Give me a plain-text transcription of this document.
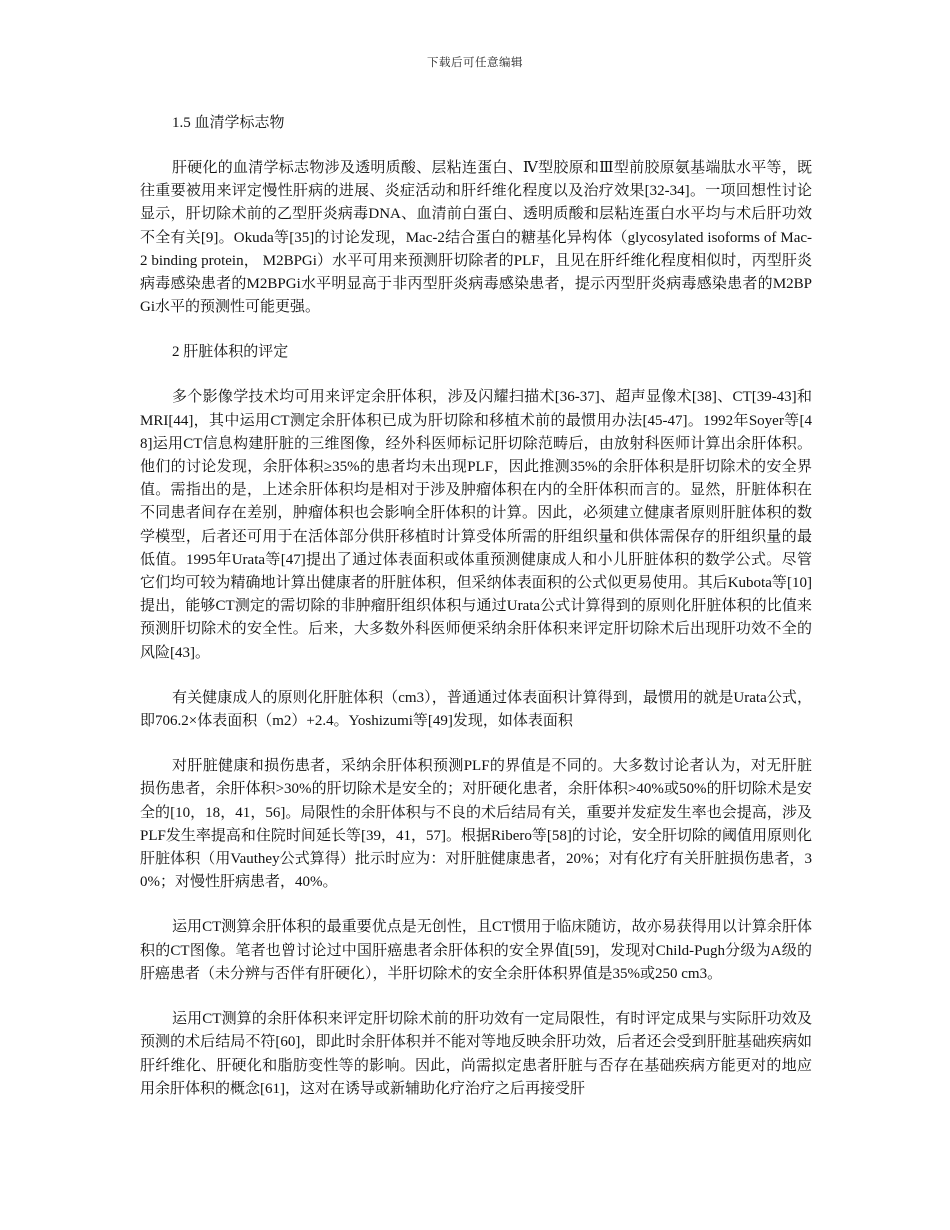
下载后可任意编辑
1.5 血清学标志物

肝硬化的血清学标志物涉及透明质酸、层粘连蛋白、Ⅳ型胶原和Ⅲ型前胶原氨基端肽水平等，既往重要被用来评定慢性肝病的进展、炎症活动和肝纤维化程度以及治疗效果[32-34]。一项回想性讨论显示，肝切除术前的乙型肝炎病毒DNA、血清前白蛋白、透明质酸和层粘连蛋白水平均与术后肝功效不全有关[9]。Okuda等[35]的讨论发现，Mac-2结合蛋白的糖基化异构体（glycosylated isoforms of Mac-2 binding protein， M2BPGi）水平可用来预测肝切除者的PLF，且见在肝纤维化程度相似时，丙型肝炎病毒感染患者的M2BPGi水平明显高于非丙型肝炎病毒感染患者，提示丙型肝炎病毒感染患者的M2BPGi水平的预测性可能更强。

2 肝脏体积的评定

多个影像学技术均可用来评定余肝体积，涉及闪耀扫描术[36-37]、超声显像术[38]、CT[39-43]和MRI[44]，其中运用CT测定余肝体积已成为肝切除和移植术前的最惯用办法[45-47]。1992年Soyer等[48]运用CT信息构建肝脏的三维图像，经外科医师标记肝切除范畴后，由放射科医师计算出余肝体积。他们的讨论发现，余肝体积≥35%的患者均未出现PLF，因此推测35%的余肝体积是肝切除术的安全界值。需指出的是，上述余肝体积均是相对于涉及肿瘤体积在内的全肝体积而言的。显然，肝脏体积在不同患者间存在差别，肿瘤体积也会影响全肝体积的计算。因此，必须建立健康者原则肝脏体积的数学模型，后者还可用于在活体部分供肝移植时计算受体所需的肝组织量和供体需保存的肝组织量的最低值。1995年Urata等[47]提出了通过体表面积或体重预测健康成人和小儿肝脏体积的数学公式。尽管它们均可较为精确地计算出健康者的肝脏体积，但采纳体表面积的公式似更易使用。其后Kubota等[10]提出，能够CT测定的需切除的非肿瘤肝组织体积与通过Urata公式计算得到的原则化肝脏体积的比值来预测肝切除术的安全性。后来，大多数外科医师便采纳余肝体积来评定肝切除术后出现肝功效不全的风险[43]。

有关健康成人的原则化肝脏体积（cm3），普通通过体表面积计算得到，最惯用的就是Urata公式，即706.2×体表面积（m2）+2.4。Yoshizumi等[49]发现，如体表面积

对肝脏健康和损伤患者，采纳余肝体积预测PLF的界值是不同的。大多数讨论者认为，对无肝脏损伤患者，余肝体积>30%的肝切除术是安全的；对肝硬化患者，余肝体积>40%或50%的肝切除术是安全的[10，18，41，56]。局限性的余肝体积与不良的术后结局有关，重要并发症发生率也会提高，涉及PLF发生率提高和住院时间延长等[39，41，57]。根据Ribero等[58]的讨论，安全肝切除的阈值用原则化肝脏体积（用Vauthey公式算得）批示时应为：对肝脏健康患者，20%；对有化疗有关肝脏损伤患者，30%；对慢性肝病患者，40%。

运用CT测算余肝体积的最重要优点是无创性，且CT惯用于临床随访，故亦易获得用以计算余肝体积的CT图像。笔者也曾讨论过中国肝癌患者余肝体积的安全界值[59]，发现对Child-Pugh分级为A级的肝癌患者（未分辨与否伴有肝硬化），半肝切除术的安全余肝体积界值是35%或250 cm3。

运用CT测算的余肝体积来评定肝切除术前的肝功效有一定局限性，有时评定成果与实际肝功效及预测的术后结局不符[60]，即此时余肝体积并不能对等地反映余肝功效，后者还会受到肝脏基础疾病如肝纤维化、肝硬化和脂肪变性等的影响。因此，尚需拟定患者肝脏与否存在基础疾病方能更对的地应用余肝体积的概念[61]，这对在诱导或新辅助化疗治疗之后再接受肝
